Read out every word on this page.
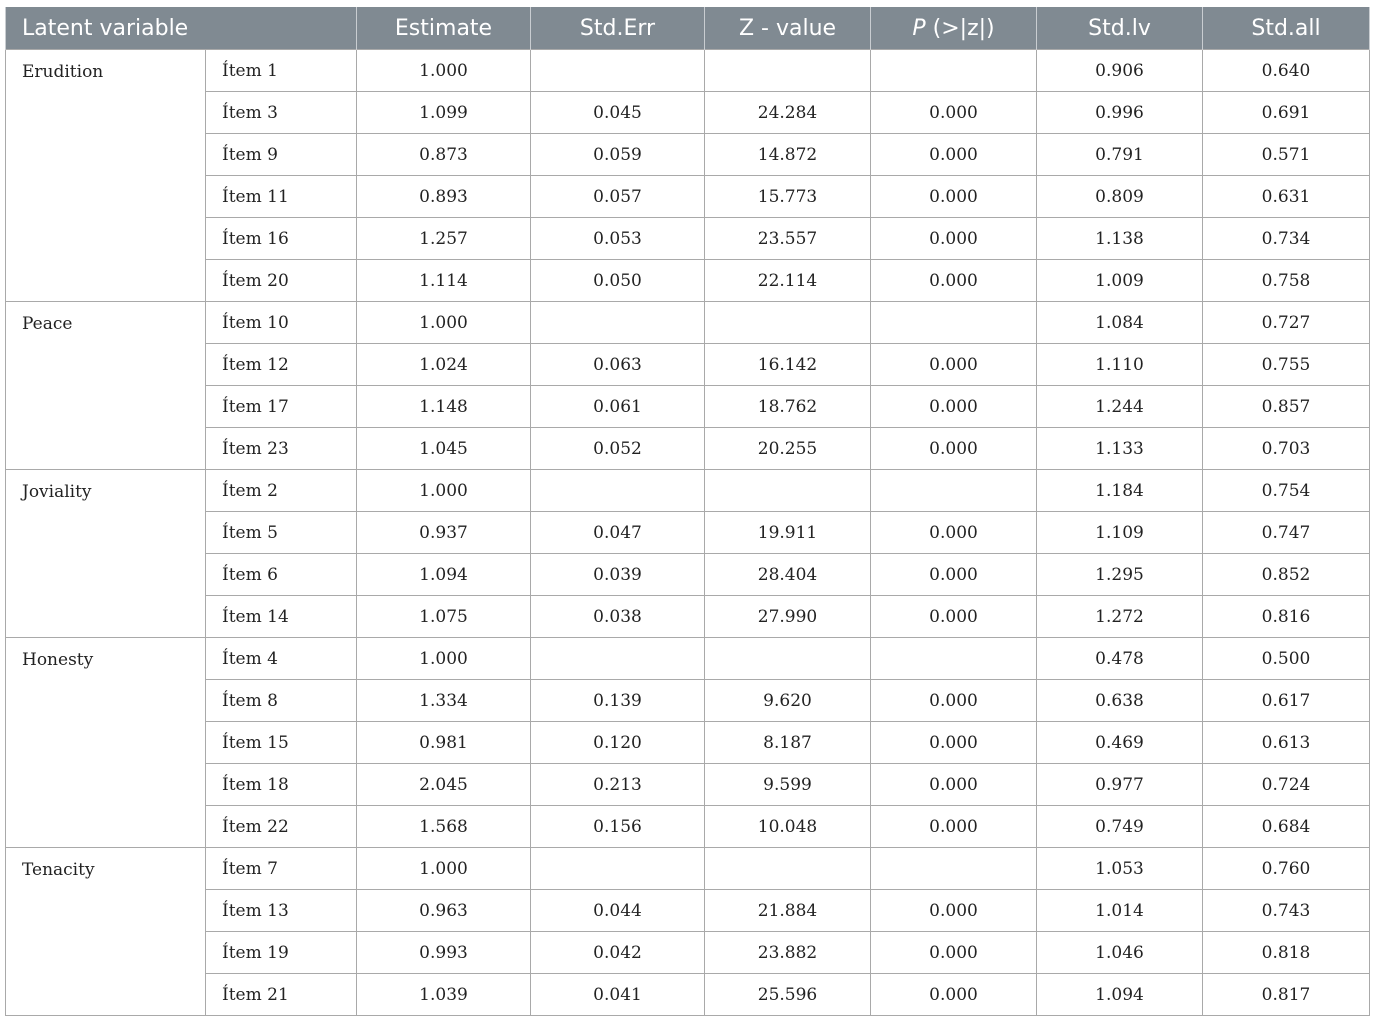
Latent variable		Estimate	Std.Err	Z - value	P (>|z|)	Std.lv	Std.all
Erudition	Ítem 1	1.000				0.906	0.640
	Ítem 3	1.099	0.045	24.284	0.000	0.996	0.691
	Ítem 9	0.873	0.059	14.872	0.000	0.791	0.571
	Ítem 11	0.893	0.057	15.773	0.000	0.809	0.631
	Ítem 16	1.257	0.053	23.557	0.000	1.138	0.734
	Ítem 20	1.114	0.050	22.114	0.000	1.009	0.758
Peace	Ítem 10	1.000				1.084	0.727
	Ítem 12	1.024	0.063	16.142	0.000	1.110	0.755
	Ítem 17	1.148	0.061	18.762	0.000	1.244	0.857
	Ítem 23	1.045	0.052	20.255	0.000	1.133	0.703
Joviality	Ítem 2	1.000				1.184	0.754
	Ítem 5	0.937	0.047	19.911	0.000	1.109	0.747
	Ítem 6	1.094	0.039	28.404	0.000	1.295	0.852
	Ítem 14	1.075	0.038	27.990	0.000	1.272	0.816
Honesty	Ítem 4	1.000				0.478	0.500
	Ítem 8	1.334	0.139	9.620	0.000	0.638	0.617
	Ítem 15	0.981	0.120	8.187	0.000	0.469	0.613
	Ítem 18	2.045	0.213	9.599	0.000	0.977	0.724
	Ítem 22	1.568	0.156	10.048	0.000	0.749	0.684
Tenacity	Ítem 7	1.000				1.053	0.760
	Ítem 13	0.963	0.044	21.884	0.000	1.014	0.743
	Ítem 19	0.993	0.042	23.882	0.000	1.046	0.818
	Ítem 21	1.039	0.041	25.596	0.000	1.094	0.817
